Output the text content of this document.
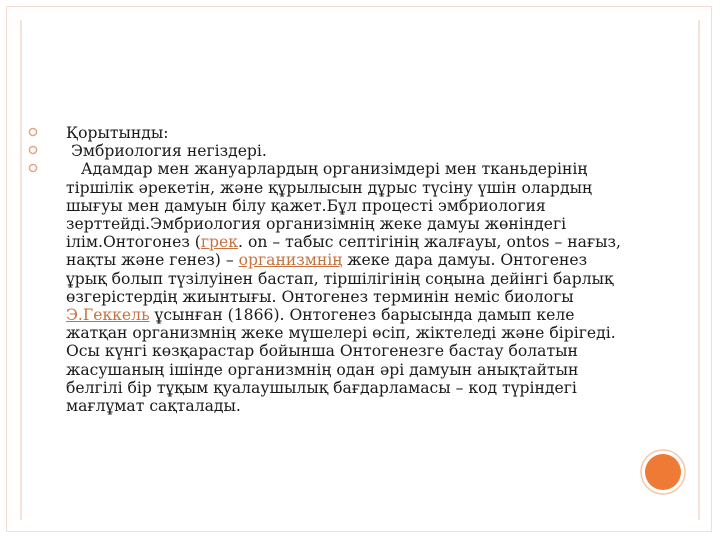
Қорытынды:
Эмбриология негіздері.
Адамдар мен жануарлардың организімдері мен тканьдерінің тіршілік әрекетін, және құрылысын дұрыс түсіну үшін олардың шығуы мен дамуын білу қажет.Бұл процесті эмбриология зерттейді.Эмбриология организімнің жеке дамуы жөніндегі ілім.Онтогонез (грек. on – табыс септігінің жалғауы, ontos – нағыз, нақты және генез) – организмнің жеке дара дамуы. Онтогенез ұрық болып түзілуінен бастап, тіршілігінің соңына дейінгі барлық өзгерістердің жиынтығы. Онтогенез терминін неміс биологы Э.Геккель ұсынған (1866). Онтогенез барысында дамып келе жатқан организмнің жеке мүшелері өсіп, жіктеледі және бірігеді. Осы күнгі көзқарастар бойынша Онтогенезге бастау болатын жасушаның ішінде организмнің одан әрі дамуын анықтайтын белгілі бір тұқым қуалаушылық бағдарламасы – код түріндегі мағлұмат сақталады.
